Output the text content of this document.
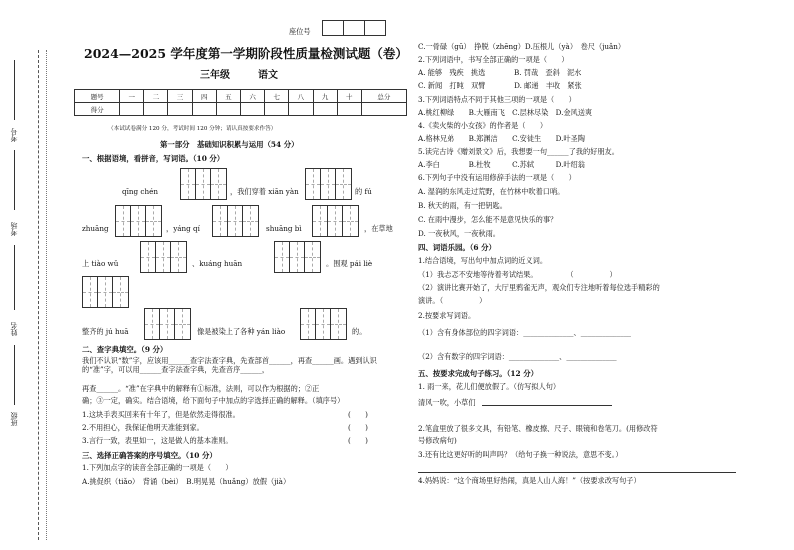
考号
考场
姓名
班级
座位号
2024—2025 学年度第一学期阶段性质量检测试题（卷）
三年级	语文
题号	一	二	三	四	五	六	七	八	九	十	总分
得分											
（本试试卷满分 120 分，考试时间 120 分钟；请认真按要求作答）
第一部分　基础知识积累与运用（54 分）
一、根据语境，看拼音，写词语。（10 分）
qīng chén	，我们穿着 xiān yàn	的 fú
zhuāng	，yáng qí	shuāng bì	，在草地
上 tiào wǔ	、kuáng huān	。围观 pái liè
整齐的 jú huā	像是被染上了各种 yán liào	的。
二、查字典填空。（9 分）
我们不认识“数”字，应该用______查字法查字典，先查部首______，再查______画。遇到认识的“准”字，可以用______查字法查字典，先查音序______，
再查______。“准”在字典中的解释有①标准，法则，可以作为根据的；②正
确；③一定，确实。结合语境，给下面句子中加点的字选择正确的解释。（填序号）
1.这块手表买回来有十年了，但是依然走得很准。	(　　)
2.不用担心，我保证他明天准能到家。	(　　)
3.言行一致，表里如一，这是做人的基本准则。	(　　)
三、选择正确答案的序号填空。（10 分）
1.下列加点字的读音全部正确的一项是（　　）
A.挑促织（tiǎo）　背诵（bèi）　B.明晃晃（huǎng）放假（jià）
C.一骨碌（gū）　挣脱（zhēng）D.压根儿（yà）　卷尺（juǎn）
2.下列词语中，书写全部正确的一项是（　　）
A. 能够　残疾　挑选　　　　B. 罚哉　歪斜　泥水
C. 新闻　打盹　双臂　　　　D. 邮递　丰收　紧张
3.下列词语特点不同于其他三项的一项是（　　）
A.桃红柳绿　　B.大雁南飞　C.层林尽染　D.金风送爽
4.《卖火柴的小女孩》的作者是（　　）
A.格林兄弟　　B.郑渊洁　　C.安徒生　　D.叶圣陶
5.读完古诗《赠刘景文》后，我想要一句______了我的好朋友。
A.李白　　　　B.杜牧　　　C.苏轼　　　D.叶绍翁
6.下列句子中没有运用修辞手法的一项是（　　）
A. 湿润的东风走过荒野，在竹林中吹着口哨。
B. 秋天的雨，有一把钥匙。
C. 在雨中漫步，怎么能不是意见快乐的事？
D. 一夜秋风，一夜秋雨。
四、词语乐园。（6 分）
1.结合语境，写出句中加点词的近义词。
（1）我忐忑不安地等待着考试结果。　　　　　（　　　　　）
（2）演讲比赛开始了，大厅里鸦雀无声，观众们专注地听着每位选手精彩的
演讲。（　　　　　）
2.按要求写词语。
（1）含有身体部位的四字词语：______________、______________
（2）含有数字的四字词语：______________、______________
五、按要求完成句子练习。（12 分）
1. 雨一来，花儿们便放假了。（仿写拟人句）
清风一吹，小草们
2.笔盒里放了很多文具，有铅笔、橡皮擦、尺子、眼镜和卷笔刀。(用修改符
号修改病句)
3.还有比这更好听的叫声吗？（给句子换一种说法，意思不变。）
4.妈妈说：“这个商场里好热闹，真是人山人海！”（按要求改写句子）
